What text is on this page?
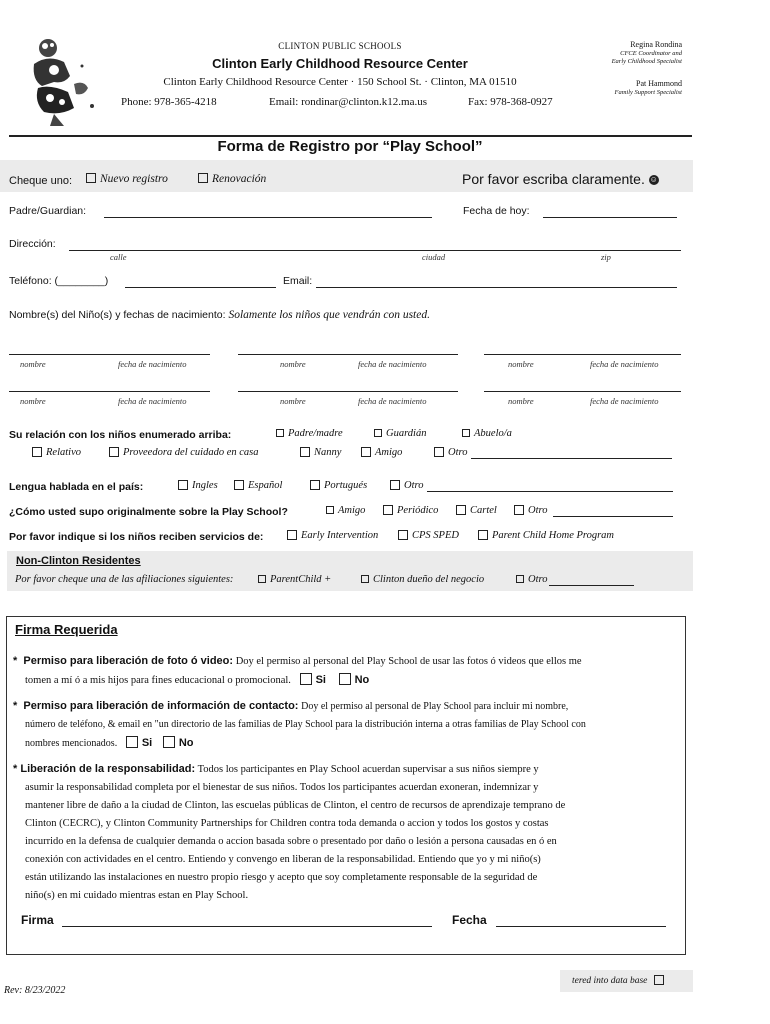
CLINTON PUBLIC SCHOOLS
Clinton Early Childhood Resource Center
Clinton Early Childhood Resource Center · 150 School St. · Clinton, MA 01510
Phone: 978-365-4218	Email: rondinar@clinton.k12.ma.us	Fax: 978-368-0927
Regina Rondina
CFCE Coordinator and
Early Childhood Specialist
Pat Hammond
Family Support Specialist
Forma de Registro por “Play School”
Cheque uno:	Nuevo registro	Renovación	Por favor escriba claramente. ☺
Padre/Guardian:	Fecha de hoy:
Dirección:
calle	ciudad	zip
Teléfono: (________)	Email:
Nombre(s) del Niño(s) y fechas de nacimiento: Solamente los niños que vendrán con usted.
nombre	fecha de nacimiento	nombre	fecha de nacimiento	nombre	fecha de nacimiento
nombre	fecha de nacimiento	nombre	fecha de nacimiento	nombre	fecha de nacimiento
Su relación con los niños enumerado arriba:	Padre/madre	Guardián	Abuelo/a
Relativo	Proveedora del cuidado en casa	Nanny	Amigo	Otro
Lengua hablada en el país:	Ingles	Español	Portugués	Otro
¿Cómo usted supo originalmente sobre la Play School?	Amigo	Periódico	Cartel	Otro
Por favor indique si los niños reciben servicios de:	Early Intervention	CPS SPED	Parent Child Home Program
Non-Clinton Residentes
Por favor cheque una de las afiliaciones siguientes:	ParentChild +	Clinton dueño del negocio	Otro
Firma Requerida
*  Permiso para liberación de foto ó video: Doy el permiso al personal del Play School de usar las fotos ó videos que ellos me
tomen a mí ó a mis hijos para fines educacional o promocional. Si	No
*  Permiso para liberación de información de contacto: Doy el permiso al personal de Play School para incluir mi nombre,
número de teléfono, & email en "un directorio de las familias de Play School para la distribución interna a otras familias de Play School con
nombres mencionados. Si No
* Liberación de la responsabilidad: Todos los participantes en Play School acuerdan supervisar a sus niños siempre y
asumir la responsabilidad completa por el bienestar de sus niños. Todos los participantes acuerdan exoneran, indemnizar y
mantener libre de daño a la ciudad de Clinton, las escuelas públicas de Clinton, el centro de recursos de aprendizaje temprano de
Clinton (CECRC), y Clinton Community Partnerships for Children contra toda demanda o accion y todos los gostos y costas
incurrido en la defensa de cualquier demanda o accion basada sobre o presentado por daño o lesión a persona causadas en ó en
conexión con actividades en el centro. Entiendo y convengo en liberan de la responsabilidad. Entiendo que yo y mi niño(s)
están utilizando las instalaciones en nuestro propio riesgo y acepto que soy completamente responsable de la seguridad de
niño(s) en mi cuidado mientras estan en Play School.
Firma	Fecha
Rev: 8/23/2022
tered into data base
